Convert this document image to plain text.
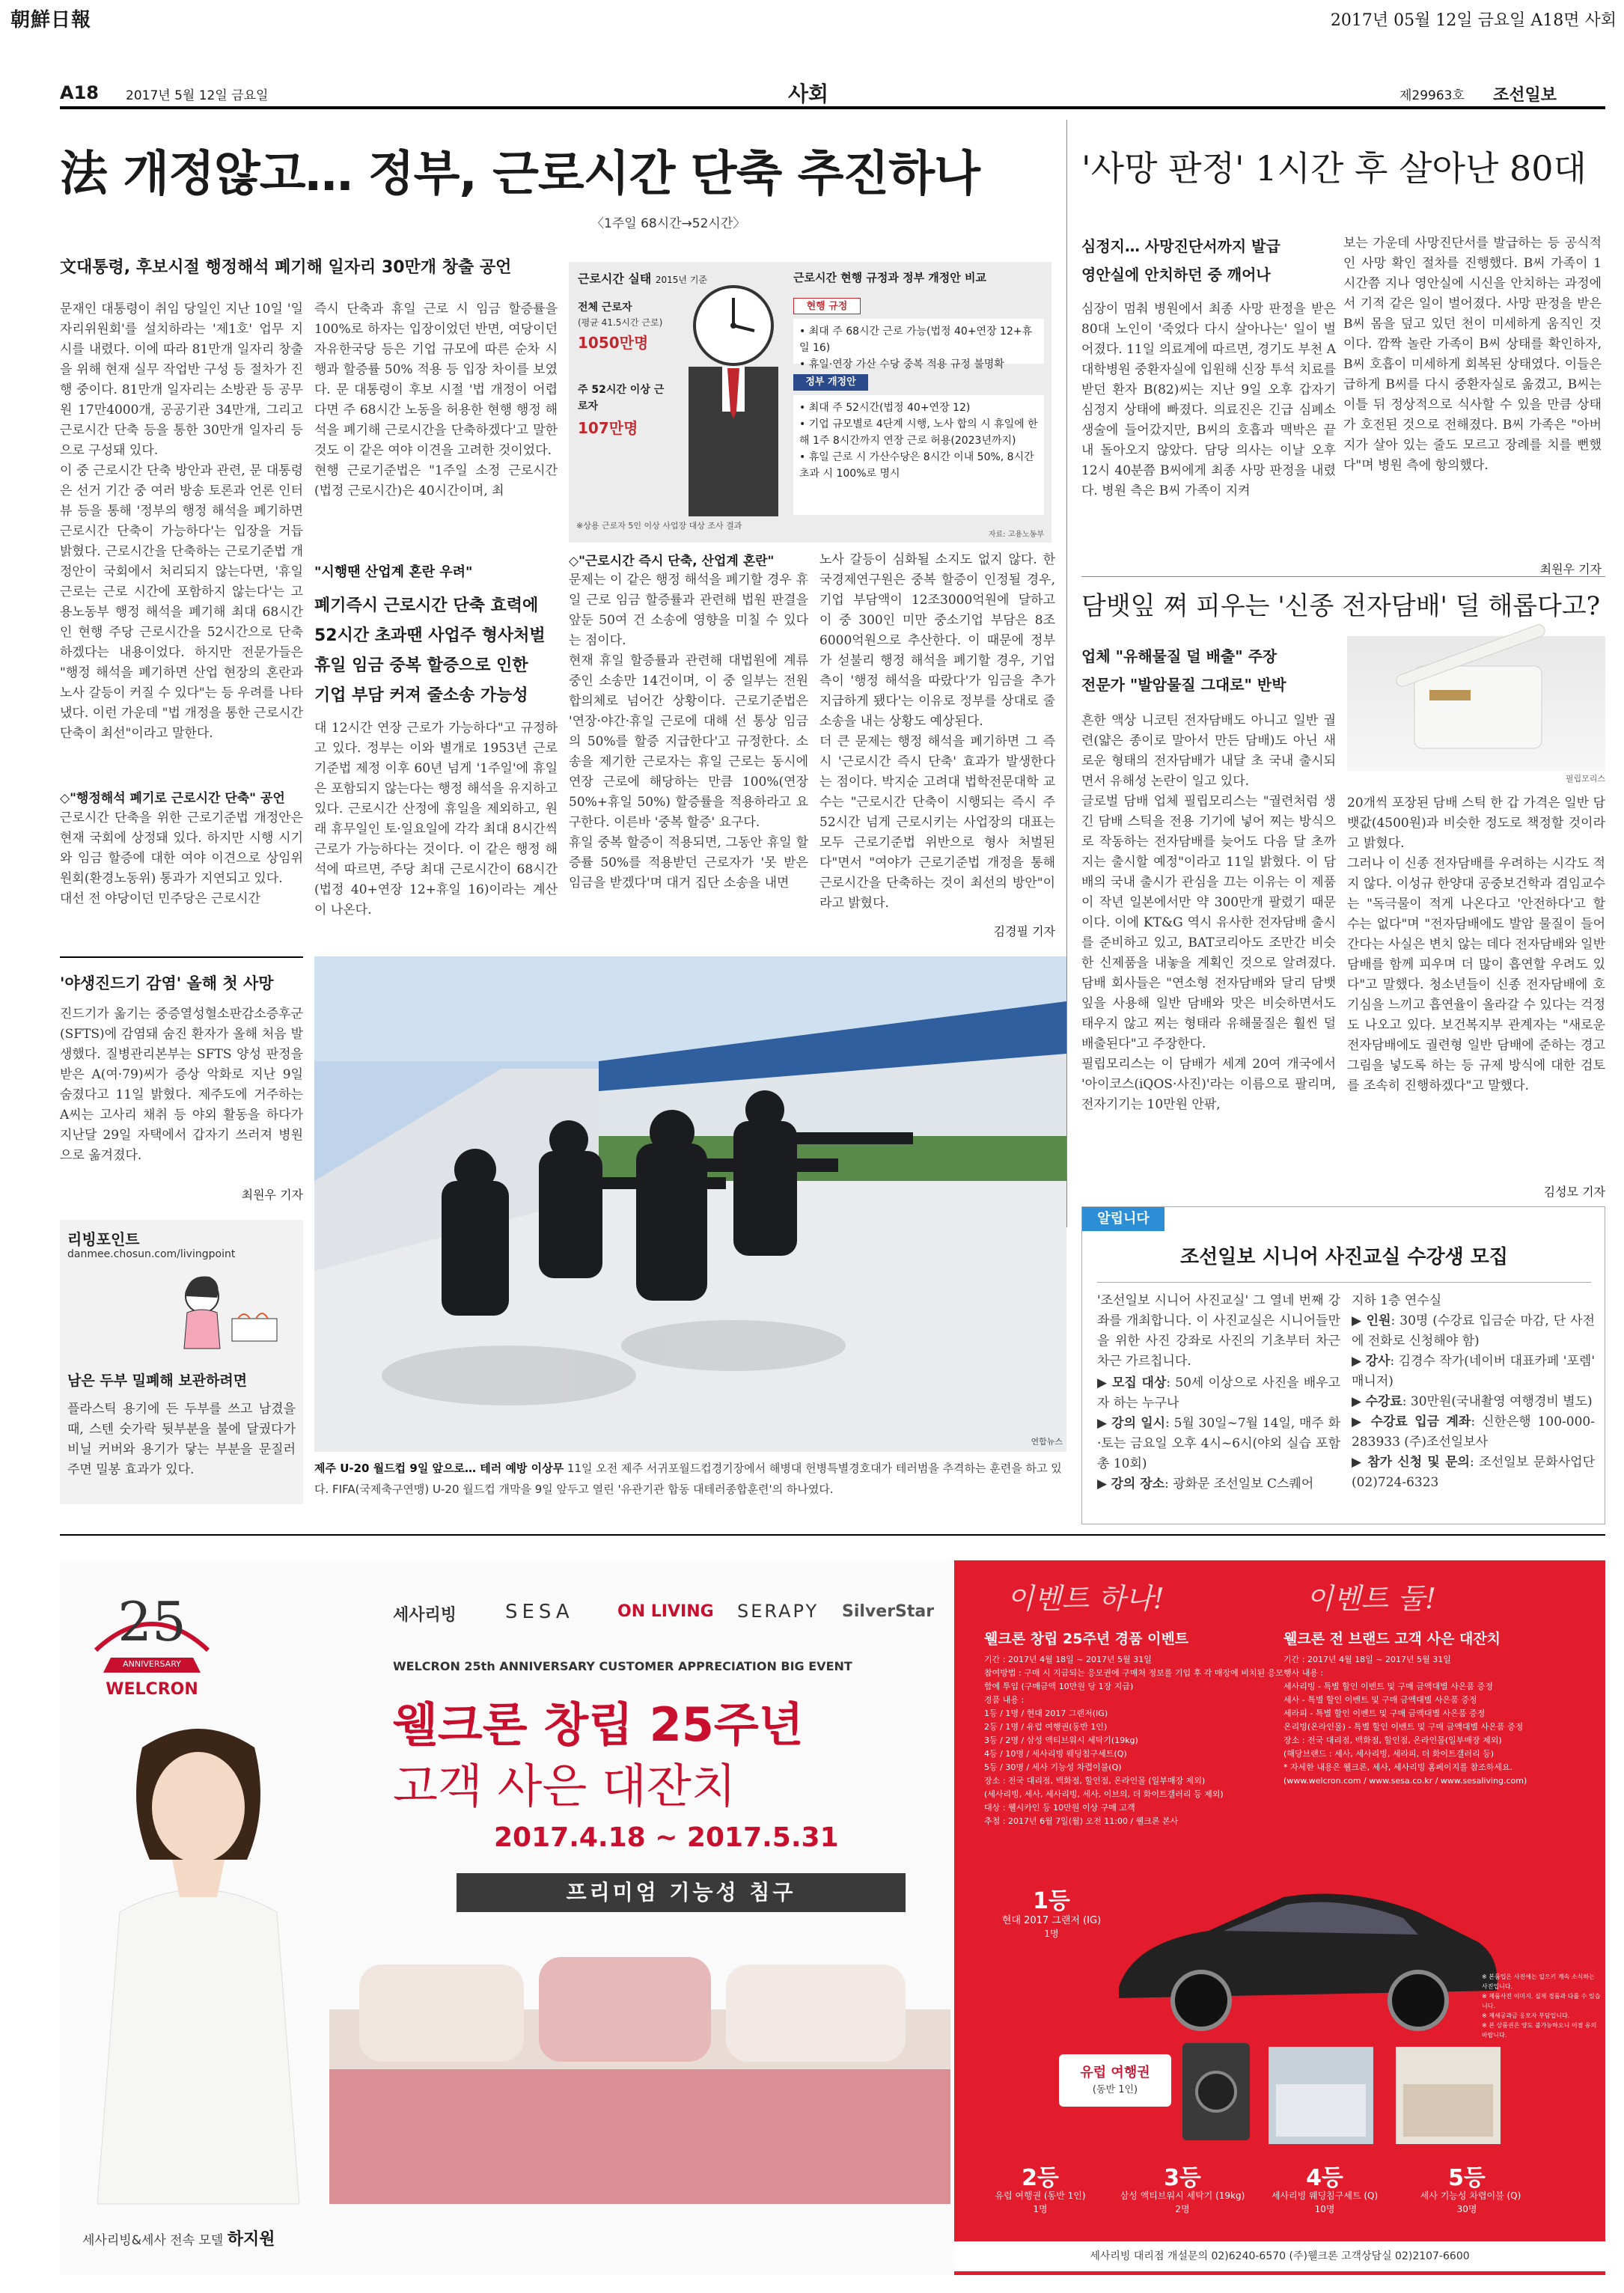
朝鮮日報	2017년 05월 12일 금요일 A18면 사회
A18	2017년 5월 12일 금요일	사회	제29963호	조선일보
法 개정않고… 정부, 근로시간 단축 추진하나
〈1주일 68시간→52시간〉
文대통령, 후보시절 행정해석 폐기해 일자리 30만개 창출 공언
문재인 대통령이 취임 당일인 지난 10일 '일자리위원회'를 설치하라는 '제1호' 업무 지시를 내렸다. 이에 따라 81만개 일자리 창출을 위해 현재 실무 작업반 구성 등 절차가 진행 중이다. 81만개 일자리는 소방관 등 공무원 17만4000개, 공공기관 34만개, 그리고 근로시간 단축 등을 통한 30만개 일자리 등으로 구성돼 있다.
이 중 근로시간 단축 방안과 관련, 문 대통령은 선거 기간 중 여러 방송 토론과 언론 인터뷰 등을 통해 '정부의 행정 해석을 폐기하면 근로시간 단축이 가능하다'는 입장을 거듭 밝혔다. 근로시간을 단축하는 근로기준법 개정안이 국회에서 처리되지 않는다면, '휴일 근로는 근로 시간에 포함하지 않는다'는 고용노동부 행정 해석을 폐기해 최대 68시간인 현행 주당 근로시간을 52시간으로 단축하겠다는 내용이었다. 하지만 전문가들은 "행정 해석을 폐기하면 산업 현장의 혼란과 노사 갈등이 커질 수 있다"는 등 우려를 나타냈다. 이런 가운데 "법 개정을 통한 근로시간 단축이 최선"이라고 말한다.
◇"행정해석 폐기로 근로시간 단축" 공언
근로시간 단축을 위한 근로기준법 개정안은 현재 국회에 상정돼 있다. 하지만 시행 시기와 임금 할증에 대한 여야 이견으로 상임위원회(환경노동위) 통과가 지연되고 있다.
대선 전 야당이던 민주당은 근로시간
즉시 단축과 휴일 근로 시 임금 할증률을 100%로 하자는 입장이었던 반면, 여당이던 자유한국당 등은 기업 규모에 따른 순차 시행과 할증률 50% 적용 등 입장 차이를 보였다. 문 대통령이 후보 시절 '법 개정이 어렵다면 주 68시간 노동을 허용한 현행 행정 해석을 폐기해 근로시간을 단축하겠다'고 말한 것도 이 같은 여야 이견을 고려한 것이었다.
현행 근로기준법은 "1주일 소정 근로시간(법정 근로시간)은 40시간이며, 최
"시행땐 산업계 혼란 우려"
폐기즉시 근로시간 단축 효력에
52시간 초과땐 사업주 형사처벌
휴일 임금 중복 할증으로 인한
기업 부담 커져 줄소송 가능성
대 12시간 연장 근로가 가능하다"고 규정하고 있다. 정부는 이와 별개로 1953년 근로기준법 제정 이후 60년 넘게 '1주일'에 휴일은 포함되지 않는다는 행정 해석을 유지하고 있다. 근로시간 산정에 휴일을 제외하고, 원래 휴무일인 토·일요일에 각각 최대 8시간씩 근로가 가능하다는 것이다. 이 같은 행정 해석에 따르면, 주당 최대 근로시간이 68시간(법정 40+연장 12+휴일 16)이라는 계산이 나온다.
근로시간 실태 2015년 기준
전체 근로자
(평균 41.5시간 근로)
1050만명
주 52시간 이상 근로자
107만명
※상용 근로자 5인 이상 사업장 대상 조사 결과
자료: 고용노동부
근로시간 현행 규정과 정부 개정안 비교
현행 규정
• 최대 주 68시간 근로 가능(법정 40+연장 12+휴일 16)
• 휴일·연장 가산 수당 중복 적용 규정 불명확
정부 개정안
• 최대 주 52시간(법정 40+연장 12)
• 기업 규모별로 4단계 시행, 노사 합의 시 휴일에 한해 1주 8시간까지 연장 근로 허용(2023년까지)
• 휴일 근로 시 가산수당은 8시간 이내 50%, 8시간 초과 시 100%로 명시
◇"근로시간 즉시 단축, 산업계 혼란"
문제는 이 같은 행정 해석을 폐기할 경우 휴일 근로 임금 할증률과 관련해 법원 판결을 앞둔 50여 건 소송에 영향을 미칠 수 있다는 점이다.
현재 휴일 할증률과 관련해 대법원에 계류 중인 소송만 14건이며, 이 중 일부는 전원합의체로 넘어간 상황이다. 근로기준법은 '연장·야간·휴일 근로에 대해 선 통상 임금의 50%를 할증 지급한다'고 규정한다. 소송을 제기한 근로자는 휴일 근로는 동시에 연장 근로에 해당하는 만큼 100%(연장 50%+휴일 50%) 할증률을 적용하라고 요구한다. 이른바 '중복 할증' 요구다.
휴일 중복 할증이 적용되면, 그동안 휴일 할증률 50%를 적용받던 근로자가 '못 받은 임금을 받겠다'며 대거 집단 소송을 내면
노사 갈등이 심화될 소지도 없지 않다. 한국경제연구원은 중복 할증이 인정될 경우, 기업 부담액이 12조3000억원에 달하고 이 중 300인 미만 중소기업 부담은 8조6000억원으로 추산한다. 이 때문에 정부가 섣불리 행정 해석을 폐기할 경우, 기업 측이 '행정 해석을 따랐다'가 임금을 추가 지급하게 됐다'는 이유로 정부를 상대로 줄소송을 내는 상황도 예상된다.
더 큰 문제는 행정 해석을 폐기하면 그 즉시 '근로시간 즉시 단축' 효과가 발생한다는 점이다. 박지순 고려대 법학전문대학 교수는 "근로시간 단축이 시행되는 즉시 주 52시간 넘게 근로시키는 사업장의 대표는 모두 근로기준법 위반으로 형사 처벌된다"면서 "여야가 근로기준법 개정을 통해 근로시간을 단축하는 것이 최선의 방안"이라고 밝혔다.
김경필 기자
'사망 판정' 1시간 후 살아난 80대
심정지… 사망진단서까지 발급
영안실에 안치하던 중 깨어나
심장이 멈춰 병원에서 최종 사망 판정을 받은 80대 노인이 '죽었다 다시 살아나는' 일이 벌어졌다. 11일 의료계에 따르면, 경기도 부천 A대학병원 중환자실에 입원해 신장 투석 치료를 받던 환자 B(82)씨는 지난 9일 오후 갑자기 심정지 상태에 빠졌다. 의료진은 긴급 심폐소생술에 들어갔지만, B씨의 호흡과 맥박은 끝내 돌아오지 않았다. 담당 의사는 이날 오후 12시 40분쯤 B씨에게 최종 사망 판정을 내렸다. 병원 측은 B씨 가족이 지켜
보는 가운데 사망진단서를 발급하는 등 공식적인 사망 확인 절차를 진행했다. B씨 가족이 1시간쯤 지나 영안실에 시신을 안치하는 과정에서 기적 같은 일이 벌어졌다. 사망 판정을 받은 B씨 몸을 덮고 있던 천이 미세하게 움직인 것이다. 깜짝 놀란 가족이 B씨 상태를 확인하자, B씨 호흡이 미세하게 회복된 상태였다. 이들은 급하게 B씨를 다시 중환자실로 옮겼고, B씨는 이틀 뒤 정상적으로 식사할 수 있을 만큼 상태가 호전된 것으로 전해졌다. B씨 가족은 "아버지가 살아 있는 줄도 모르고 장례를 치를 뻔했다"며 병원 측에 항의했다.
최원우 기자
담뱃잎 쪄 피우는 '신종 전자담배' 덜 해롭다고?
업체 "유해물질 덜 배출" 주장
전문가 "발암물질 그대로" 반박
필립모리스
흔한 액상 니코틴 전자담배도 아니고 일반 궐련(얇은 종이로 말아서 만든 담배)도 아닌 새로운 형태의 전자담배가 내달 초 국내 출시되면서 유해성 논란이 일고 있다.
글로벌 담배 업체 필립모리스는 "궐련처럼 생긴 담배 스틱을 전용 기기에 넣어 찌는 방식으로 작동하는 전자담배를 늦어도 다음 달 초까지는 출시할 예정"이라고 11일 밝혔다. 이 담배의 국내 출시가 관심을 끄는 이유는 이 제품이 작년 일본에서만 약 300만개 팔렸기 때문이다. 이에 KT&G 역시 유사한 전자담배 출시를 준비하고 있고, BAT코리아도 조만간 비슷한 신제품을 내놓을 계획인 것으로 알려졌다. 담배 회사들은 "연소형 전자담배와 달리 담뱃잎을 사용해 일반 담배와 맛은 비슷하면서도 태우지 않고 찌는 형태라 유해물질은 훨씬 덜 배출된다"고 주장한다.
필립모리스는 이 담배가 세계 20여 개국에서 '아이코스(iQOS·사진)'라는 이름으로 팔리며, 전자기기는 10만원 안팎,
20개씩 포장된 담배 스틱 한 갑 가격은 일반 담뱃값(4500원)과 비슷한 정도로 책정할 것이라고 밝혔다.
그러나 이 신종 전자담배를 우려하는 시각도 적지 않다. 이성규 한양대 공중보건학과 겸임교수는 "독극물이 적게 나온다고 '안전하다'고 할 수는 없다"며 "전자담배에도 발암 물질이 들어간다는 사실은 변치 않는 데다 전자담배와 일반 담배를 함께 피우며 더 많이 흡연할 우려도 있다"고 말했다. 청소년들이 신종 전자담배에 호기심을 느끼고 흡연율이 올라갈 수 있다는 걱정도 나오고 있다. 보건복지부 관계자는 "새로운 전자담배에도 궐련형 일반 담배에 준하는 경고 그림을 넣도록 하는 등 규제 방식에 대한 검토를 조속히 진행하겠다"고 말했다.
김성모 기자
알립니다
조선일보 시니어 사진교실 수강생 모집
'조선일보 시니어 사진교실' 그 열네 번째 강좌를 개최합니다. 이 사진교실은 시니어들만을 위한 사진 강좌로 사진의 기초부터 차근차근 가르칩니다.
▶ 모집 대상: 50세 이상으로 사진을 배우고자 하는 누구나
▶ 강의 일시: 5월 30일~7월 14일, 매주 화·토는 금요일 오후 4시~6시(야외 실습 포함 총 10회)
▶ 강의 장소: 광화문 조선일보 C스퀘어
지하 1층 연수실
▶ 인원: 30명 (수강료 입금순 마감, 단 사전에 전화로 신청해야 함)
▶ 강사: 김경수 작가(네이버 대표카페 '포렘' 매니저)
▶ 수강료: 30만원(국내촬영 여행경비 별도)
▶ 수강료 입금 계좌: 신한은행 100-000-283933 (주)조선일보사
▶ 참가 신청 및 문의: 조선일보 문화사업단 (02)724-6323
'야생진드기 감염' 올해 첫 사망
진드기가 옮기는 중증열성혈소판감소증후군(SFTS)에 감염돼 숨진 환자가 올해 처음 발생했다. 질병관리본부는 SFTS 양성 판정을 받은 A(여·79)씨가 증상 악화로 지난 9일 숨졌다고 11일 밝혔다. 제주도에 거주하는 A씨는 고사리 채취 등 야외 활동을 하다가 지난달 29일 자택에서 갑자기 쓰러져 병원으로 옮겨졌다.
최원우 기자
리빙포인트
danmee.chosun.com/livingpoint
남은 두부 밀폐해 보관하려면
플라스틱 용기에 든 두부를 쓰고 남겼을 때, 스텐 숫가락 뒷부분을 불에 달궜다가 비닐 커버와 용기가 닿는 부분을 문질러주면 밀봉 효과가 있다.
연합뉴스
제주 U-20 월드컵 9일 앞으로… 테러 예방 이상무 11일 오전 제주 서귀포월드컵경기장에서 해병대 헌병특별경호대가 테러범을 추격하는 훈련을 하고 있다. FIFA(국제축구연맹) U-20 월드컵 개막을 9일 앞두고 열린 '유관기관 합동 대테러종합훈련'의 하나였다.
25
ANNIVERSARY
WELCRON
세사리빙 SESA	ON LIVING SERAPY SilverStar
WELCRON 25th ANNIVERSARY CUSTOMER APPRECIATION BIG EVENT
웰크론 창립 25주년
고객 사은 대잔치
2017.4.18 ~ 2017.5.31
프리미엄 기능성 침구
세사리빙&세사 전속 모델 하지원
이벤트 하나!
웰크론 창립 25주년 경품 이벤트
기간 : 2017년 4월 18일 ~ 2017년 5월 31일
참여방법 : 구매 시 지급되는 응모권에 구매처 정보를 기입 후 각 매장에 비치된 응모함에 투입 (구매금액 10만원 당 1장 지급)
경품 내용 :
1등 / 1명 / 현대 2017 그랜저(IG)
2등 / 1명 / 유럽 여행권(동반 1인)
3등 / 2명 / 삼성 액티브워시 세탁기(19kg)
4등 / 10명 / 세사리빙 웨딩침구세트(Q)
5등 / 30명 / 세사 기능성 차렵이불(Q)
장소 : 전국 대리점, 백화점, 할인점, 온라인몰 (일부매장 제외)
(세사리빙, 세사, 세사리빙, 세사, 이브의, 더 화이트갤러리 등 제외)
대상 : 웰시카인 등 10만원 이상 구매 고객
추첨 : 2017년 6월 7일(월) 오전 11:00 / 웰크론 본사
이벤트 둘!
웰크론 전 브랜드 고객 사은 대잔치
기간 : 2017년 4월 18일 ~ 2017년 5월 31일
행사 내용 :
세사리빙 - 특별 할인 이벤트 및 구매 금액대별 사은품 증정
세사 - 특별 할인 이벤트 및 구매 금액대별 사은품 증정
세라피 - 특별 할인 이벤트 및 구매 금액대별 사은품 증정
온리빙(온라인몰) - 특별 할인 이벤트 및 구매 금액대별 사은품 증정
장소 : 전국 대리점, 백화점, 할인점, 온라인몰(일부매장 제외)
(해당브랜드 : 세사, 세사리빙, 세라피, 더 화이트갤러리 등)
* 자세한 내용은 웰크론, 세사, 세사리빙 홈페이지를 참조하세요.
(www.welcron.com / www.sesa.co.kr / www.sesaliving.com)
1등
현대 2017 그랜저 (IG)
1명
※ 본품입은 사진에는 일으키 계속 소식하는 사진입니다.
※ 제품사진 이미지. 실제 경품과 다를 수 있습니다.
※ 제세공과금 응모자 부담입니다.
※ 본 상품권은 양도 불가능하오니 이점 유의 바랍니다.
유럽 여행권
(동반 1인)
2등
유럽 여행권 (동반 1인)
1명
3등
삼성 액티브워시 세탁기 (19kg)
2명
4등
세사리빙 웨딩침구세트 (Q)
10명
5등
세사 기능성 차렵이불 (Q)
30명
세사리빙 대리점 개설문의 02)6240-6570 (주)웰크론 고객상담실 02)2107-6600
